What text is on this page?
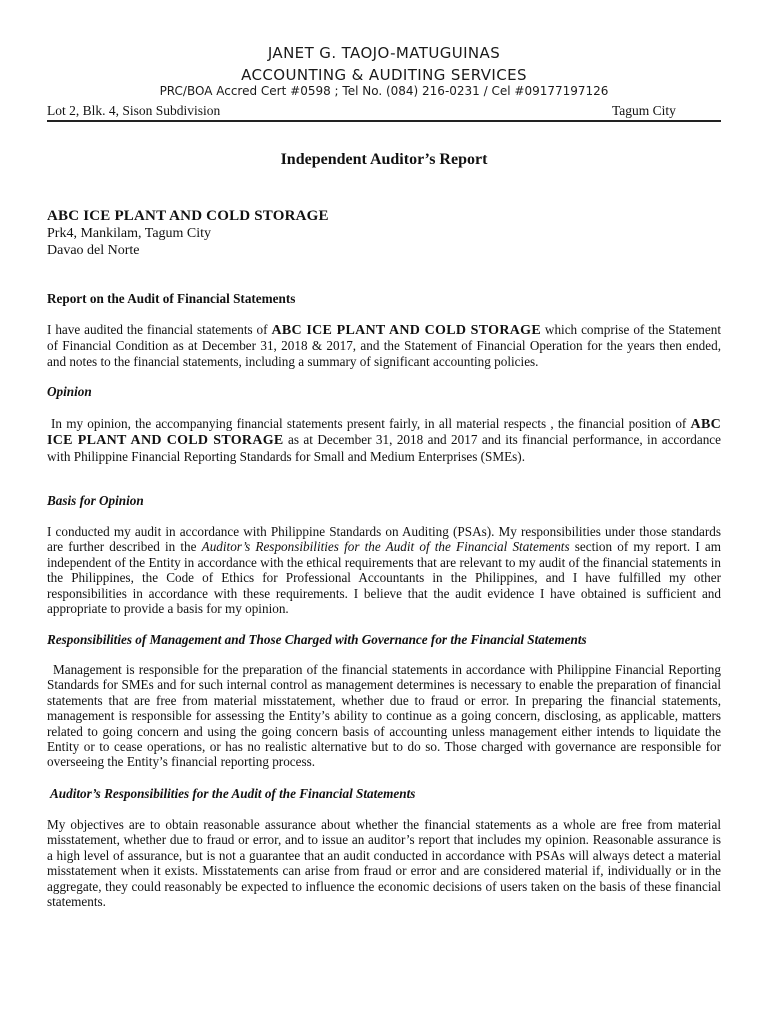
JANET G. TAOJO-MATUGUINAS
ACCOUNTING & AUDITING SERVICES
PRC/BOA Accred Cert #0598 ; Tel No. (084) 216-0231 / Cel #09177197126
Lot 2, Blk. 4, Sison Subdivision	Tagum City
Independent Auditor’s Report
ABC ICE PLANT AND COLD STORAGE
Prk4, Mankilam, Tagum City
Davao del Norte

Report on the Audit of Financial Statements

I have audited the financial statements of ABC ICE PLANT AND COLD STORAGE which comprise of the Statement of Financial Condition as at December 31, 2018 & 2017, and the Statement of Financial Operation for the years then ended, and notes to the financial statements, including a summary of significant accounting policies.

Opinion

In my opinion, the accompanying financial statements present fairly, in all material respects , the financial position of ABC ICE PLANT AND COLD STORAGE as at December 31, 2018 and 2017 and its financial performance, in accordance with Philippine Financial Reporting Standards for Small and Medium Enterprises (SMEs).

Basis for Opinion

I conducted my audit in accordance with Philippine Standards on Auditing (PSAs). My responsibilities under those standards are further described in the Auditor’s Responsibilities for the Audit of the Financial Statements section of my report. I am independent of the Entity in accordance with the ethical requirements that are relevant to my audit of the financial statements in the Philippines, the Code of Ethics for Professional Accountants in the Philippines, and I have fulfilled my other responsibilities in accordance with these requirements. I believe that the audit evidence I have obtained is sufficient and appropriate to provide a basis for my opinion.

Responsibilities of Management and Those Charged with Governance for the Financial Statements

Management is responsible for the preparation of the financial statements in accordance with Philippine Financial Reporting Standards for SMEs and for such internal control as management determines is necessary to enable the preparation of financial statements that are free from material misstatement, whether due to fraud or error. In preparing the financial statements, management is responsible for assessing the Entity’s ability to continue as a going concern, disclosing, as applicable, matters related to going concern and using the going concern basis of accounting unless management either intends to liquidate the Entity or to cease operations, or has no realistic alternative but to do so. Those charged with governance are responsible for overseeing the Entity’s financial reporting process.

Auditor’s Responsibilities for the Audit of the Financial Statements

My objectives are to obtain reasonable assurance about whether the financial statements as a whole are free from material misstatement, whether due to fraud or error, and to issue an auditor’s report that includes my opinion. Reasonable assurance is a high level of assurance, but is not a guarantee that an audit conducted in accordance with PSAs will always detect a material misstatement when it exists. Misstatements can arise from fraud or error and are considered material if, individually or in the aggregate, they could reasonably be expected to influence the economic decisions of users taken on the basis of these financial statements.
